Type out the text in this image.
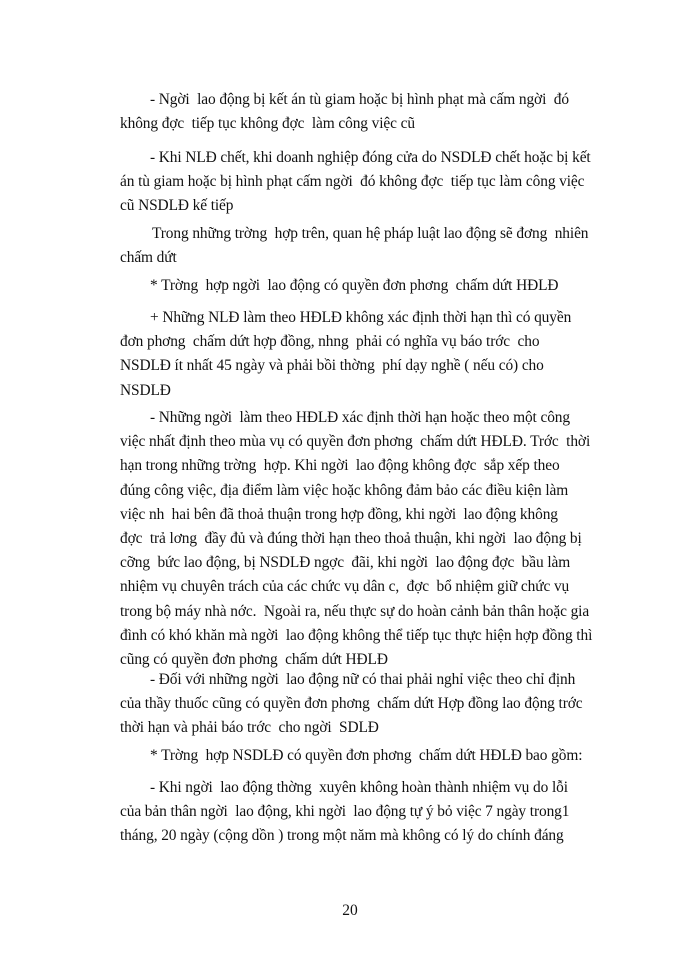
- Ngời  lao động bị kết án tù giam hoặc bị hình phạt mà cấm ngời  đó
không đợc  tiếp tục không đợc  làm công việc cũ
- Khi NLĐ chết, khi doanh nghiệp đóng cửa do NSDLĐ chết hoặc bị kết
án tù giam hoặc bị hình phạt cấm ngời  đó không đợc  tiếp tục làm công việc
cũ NSDLĐ kế tiếp
Trong những trờng  hợp trên, quan hệ pháp luật lao động sẽ đơng  nhiên
chấm dứt
* Trờng  hợp ngời  lao động có quyền đơn phơng  chấm dứt HĐLĐ
+ Những NLĐ làm theo HĐLĐ không xác định thời hạn thì có quyền
đơn phơng  chấm dứt hợp đồng, nhng  phải có nghĩa vụ báo trớc  cho
NSDLĐ ít nhất 45 ngày và phải bồi thờng  phí dạy nghề ( nếu có) cho
NSDLĐ
- Những ngời  làm theo HĐLĐ xác định thời hạn hoặc theo một công
việc nhất định theo mùa vụ có quyền đơn phơng  chấm dứt HĐLĐ. Trớc  thời
hạn trong những trờng  hợp. Khi ngời  lao động không đợc  sắp xếp theo
đúng công việc, địa điểm làm việc hoặc không đảm bảo các điều kiện làm
việc nh  hai bên đã thoả thuận trong hợp đồng, khi ngời  lao động không
đợc  trả lơng  đầy đủ và đúng thời hạn theo thoả thuận, khi ngời  lao động bị
cỡng  bức lao động, bị NSDLĐ ngợc  đãi, khi ngời  lao động đợc  bầu làm
nhiệm vụ chuyên trách của các chức vụ dân c,  đợc  bổ nhiệm giữ chức vụ
trong bộ máy nhà nớc.  Ngoài ra, nếu thực sự do hoàn cảnh bản thân hoặc gia
đình có khó khăn mà ngời  lao động không thể tiếp tục thực hiện hợp đồng thì
cũng có quyền đơn phơng  chấm dứt HĐLĐ
- Đối với những ngời  lao động nữ có thai phải nghỉ việc theo chỉ định
của thầy thuốc cũng có quyền đơn phơng  chấm dứt Hợp đồng lao động trớc
thời hạn và phải báo trớc  cho ngời  SDLĐ
* Trờng  hợp NSDLĐ có quyền đơn phơng  chấm dứt HĐLĐ bao gồm:
- Khi ngời  lao động thờng  xuyên không hoàn thành nhiệm vụ do lỗi
của bản thân ngời  lao động, khi ngời  lao động tự ý bỏ việc 7 ngày trong1
tháng, 20 ngày (cộng dồn ) trong một năm mà không có lý do chính đáng
20
